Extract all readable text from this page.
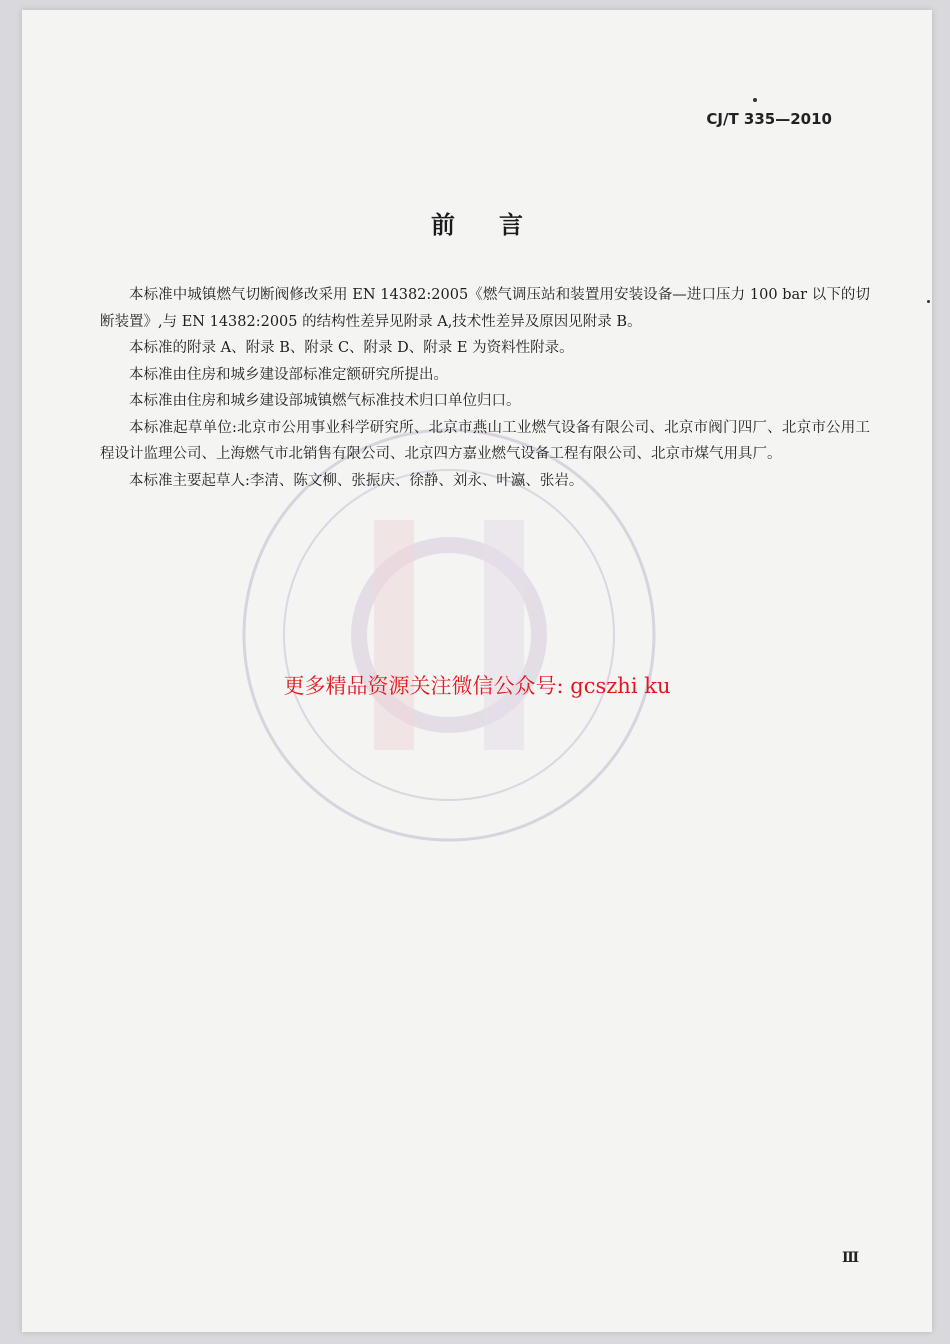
CJ/T 335—2010
前言

本标准中城镇燃气切断阀修改采用 EN 14382:2005《燃气调压站和装置用安装设备—进口压力 100 bar 以下的切断装置》,与 EN 14382:2005 的结构性差异见附录 A,技术性差异及原因见附录 B。

本标准的附录 A、附录 B、附录 C、附录 D、附录 E 为资料性附录。

本标准由住房和城乡建设部标准定额研究所提出。

本标准由住房和城乡建设部城镇燃气标准技术归口单位归口。

本标准起草单位:北京市公用事业科学研究所、北京市燕山工业燃气设备有限公司、北京市阀门四厂、北京市公用工程设计监理公司、上海燃气市北销售有限公司、北京四方嘉业燃气设备工程有限公司、北京市煤气用具厂。

本标准主要起草人:李清、陈文柳、张振庆、徐静、刘永、叶瀛、张岩。

更多精品资源关注微信公众号: gcszhi ku
Ⅲ
